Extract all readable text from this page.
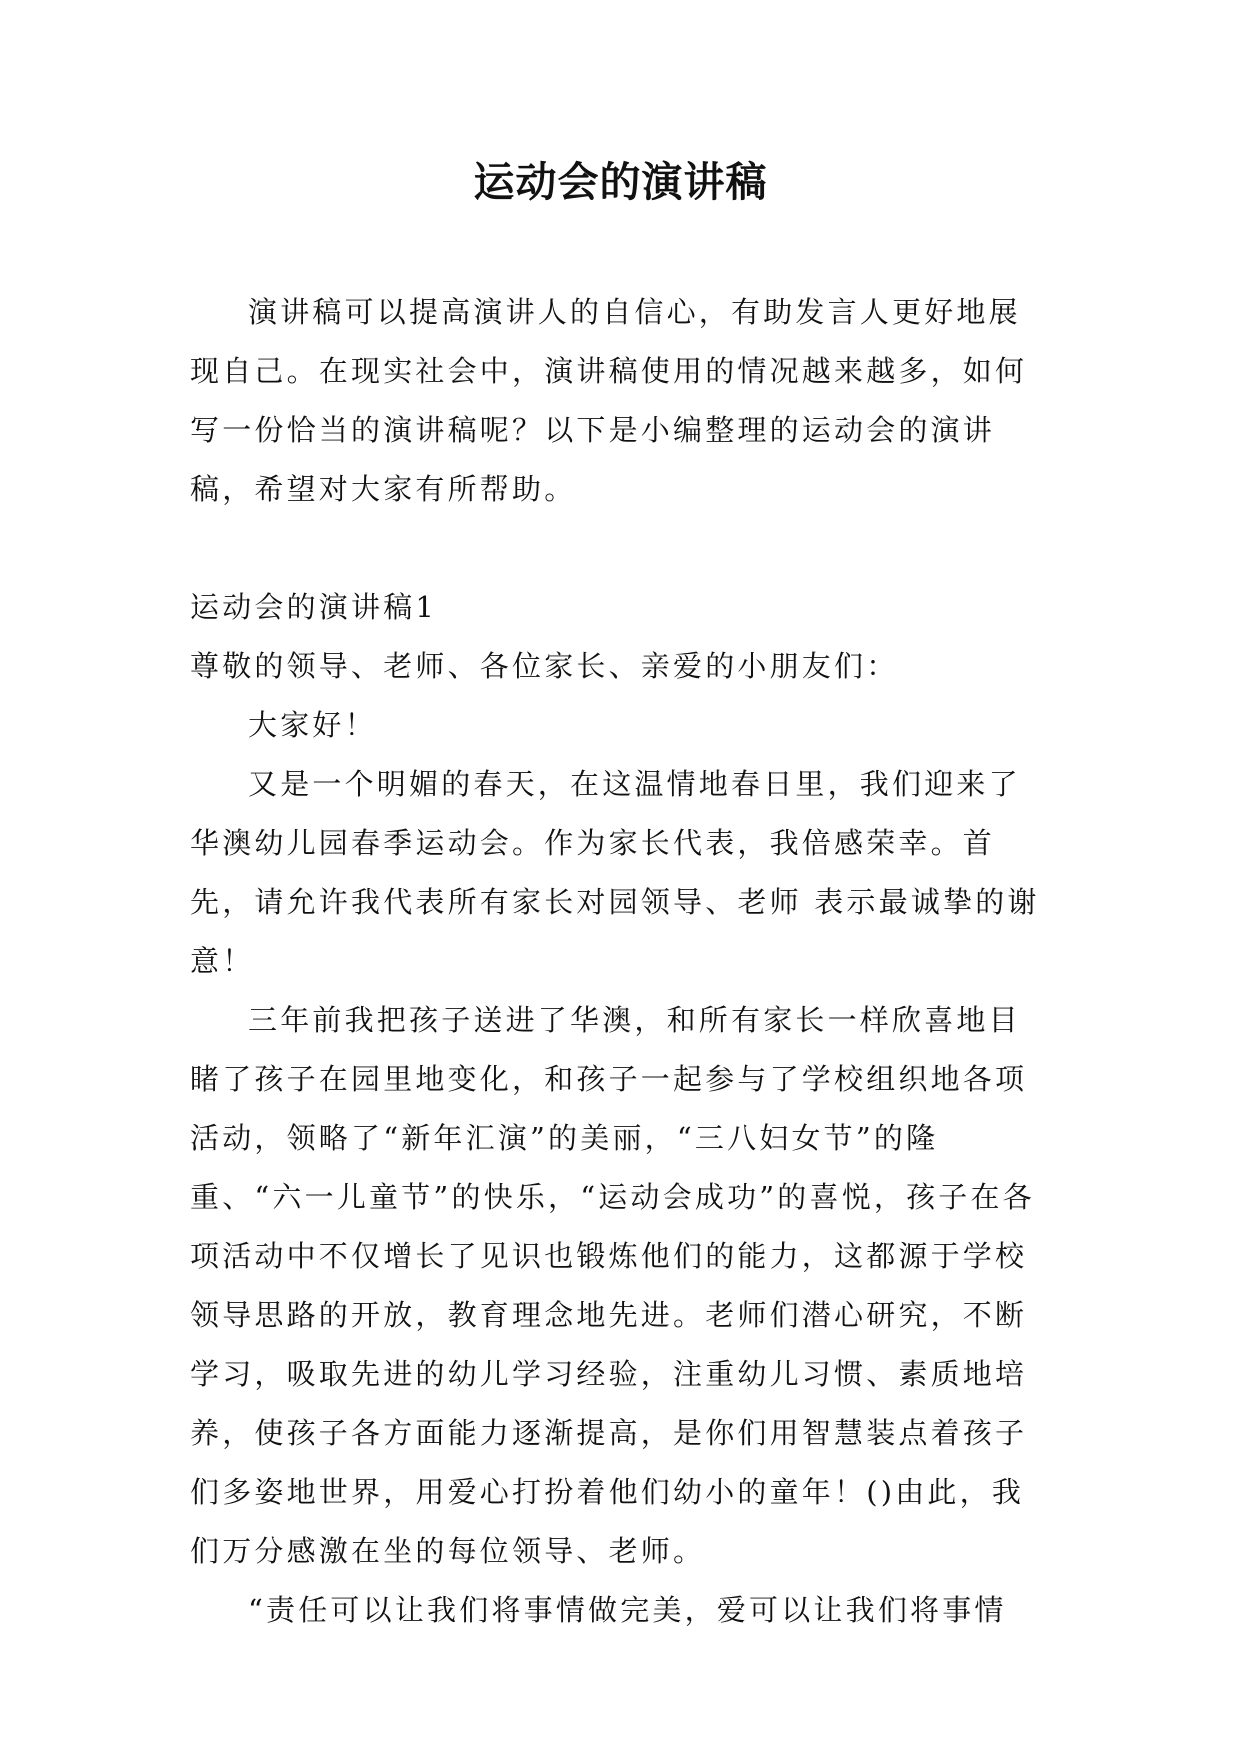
运动会的演讲稿

演讲稿可以提高演讲人的自信心，有助发言人更好地展现自己。在现实社会中，演讲稿使用的情况越来越多，如何写一份恰当的演讲稿呢？以下是小编整理的运动会的演讲稿，希望对大家有所帮助。

运动会的演讲稿1

尊敬的领导、老师、各位家长、亲爱的小朋友们：

大家好！

又是一个明媚的春天，在这温情地春日里，我们迎来了华澳幼儿园春季运动会。作为家长代表，我倍感荣幸。首先，请允许我代表所有家长对园领导、老师 表示最诚挚的谢意！

三年前我把孩子送进了华澳，和所有家长一样欣喜地目睹了孩子在园里地变化，和孩子一起参与了学校组织地各项活动，领略了“新年汇演”的美丽，“三八妇女节”的隆重、“六一儿童节”的快乐，“运动会成功”的喜悦，孩子在各项活动中不仅增长了见识也锻炼他们的能力，这都源于学校领导思路的开放，教育理念地先进。老师们潜心研究，不断学习，吸取先进的幼儿学习经验，注重幼儿习惯、素质地培养，使孩子各方面能力逐渐提高，是你们用智慧装点着孩子们多姿地世界，用爱心打扮着他们幼小的童年！()由此，我们万分感激在坐的每位领导、老师。

“责任可以让我们将事情做完美，爱可以让我们将事情
